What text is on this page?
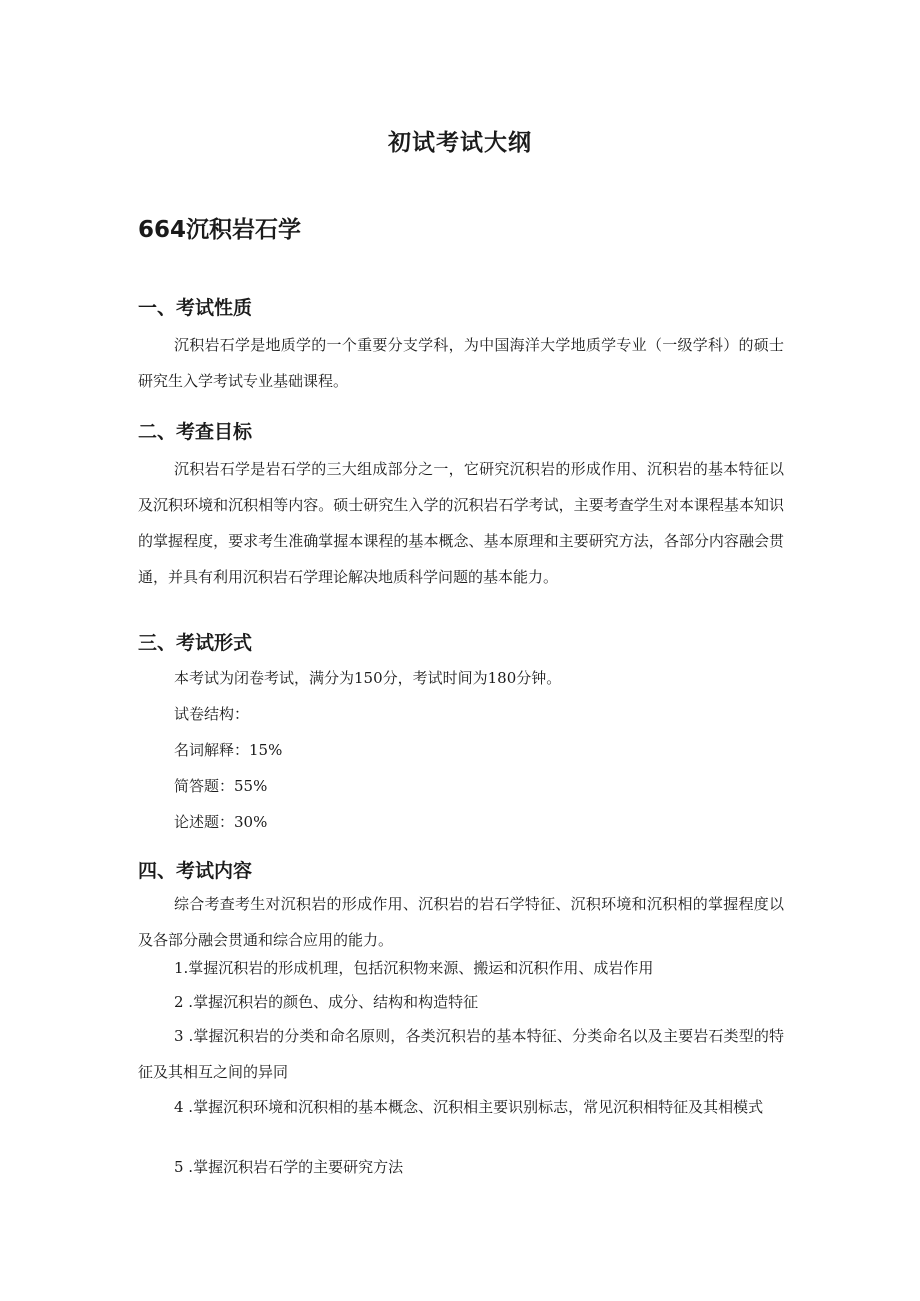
初试考试大纲
664沉积岩石学
一、考试性质

沉积岩石学是地质学的一个重要分支学科，为中国海洋大学地质学专业（一级学科）的硕士研究生入学考试专业基础课程。

二、考查目标

沉积岩石学是岩石学的三大组成部分之一，它研究沉积岩的形成作用、沉积岩的基本特征以及沉积环境和沉积相等内容。硕士研究生入学的沉积岩石学考试，主要考查学生对本课程基本知识的掌握程度，要求考生准确掌握本课程的基本概念、基本原理和主要研究方法，各部分内容融会贯通，并具有利用沉积岩石学理论解决地质科学问题的基本能力。

三、考试形式

本考试为闭卷考试，满分为150分，考试时间为180分钟。

试卷结构：

名词解释：15%

简答题：55%

论述题：30%

四、考试内容

综合考查考生对沉积岩的形成作用、沉积岩的岩石学特征、沉积环境和沉积相的掌握程度以及各部分融会贯通和综合应用的能力。

1.掌握沉积岩的形成机理，包括沉积物来源、搬运和沉积作用、成岩作用

2 .掌握沉积岩的颜色、成分、结构和构造特征

3 .掌握沉积岩的分类和命名原则，各类沉积岩的基本特征、分类命名以及主要岩石类型的特征及其相互之间的异同

4 .掌握沉积环境和沉积相的基本概念、沉积相主要识别标志，常见沉积相特征及其相模式

5 .掌握沉积岩石学的主要研究方法
